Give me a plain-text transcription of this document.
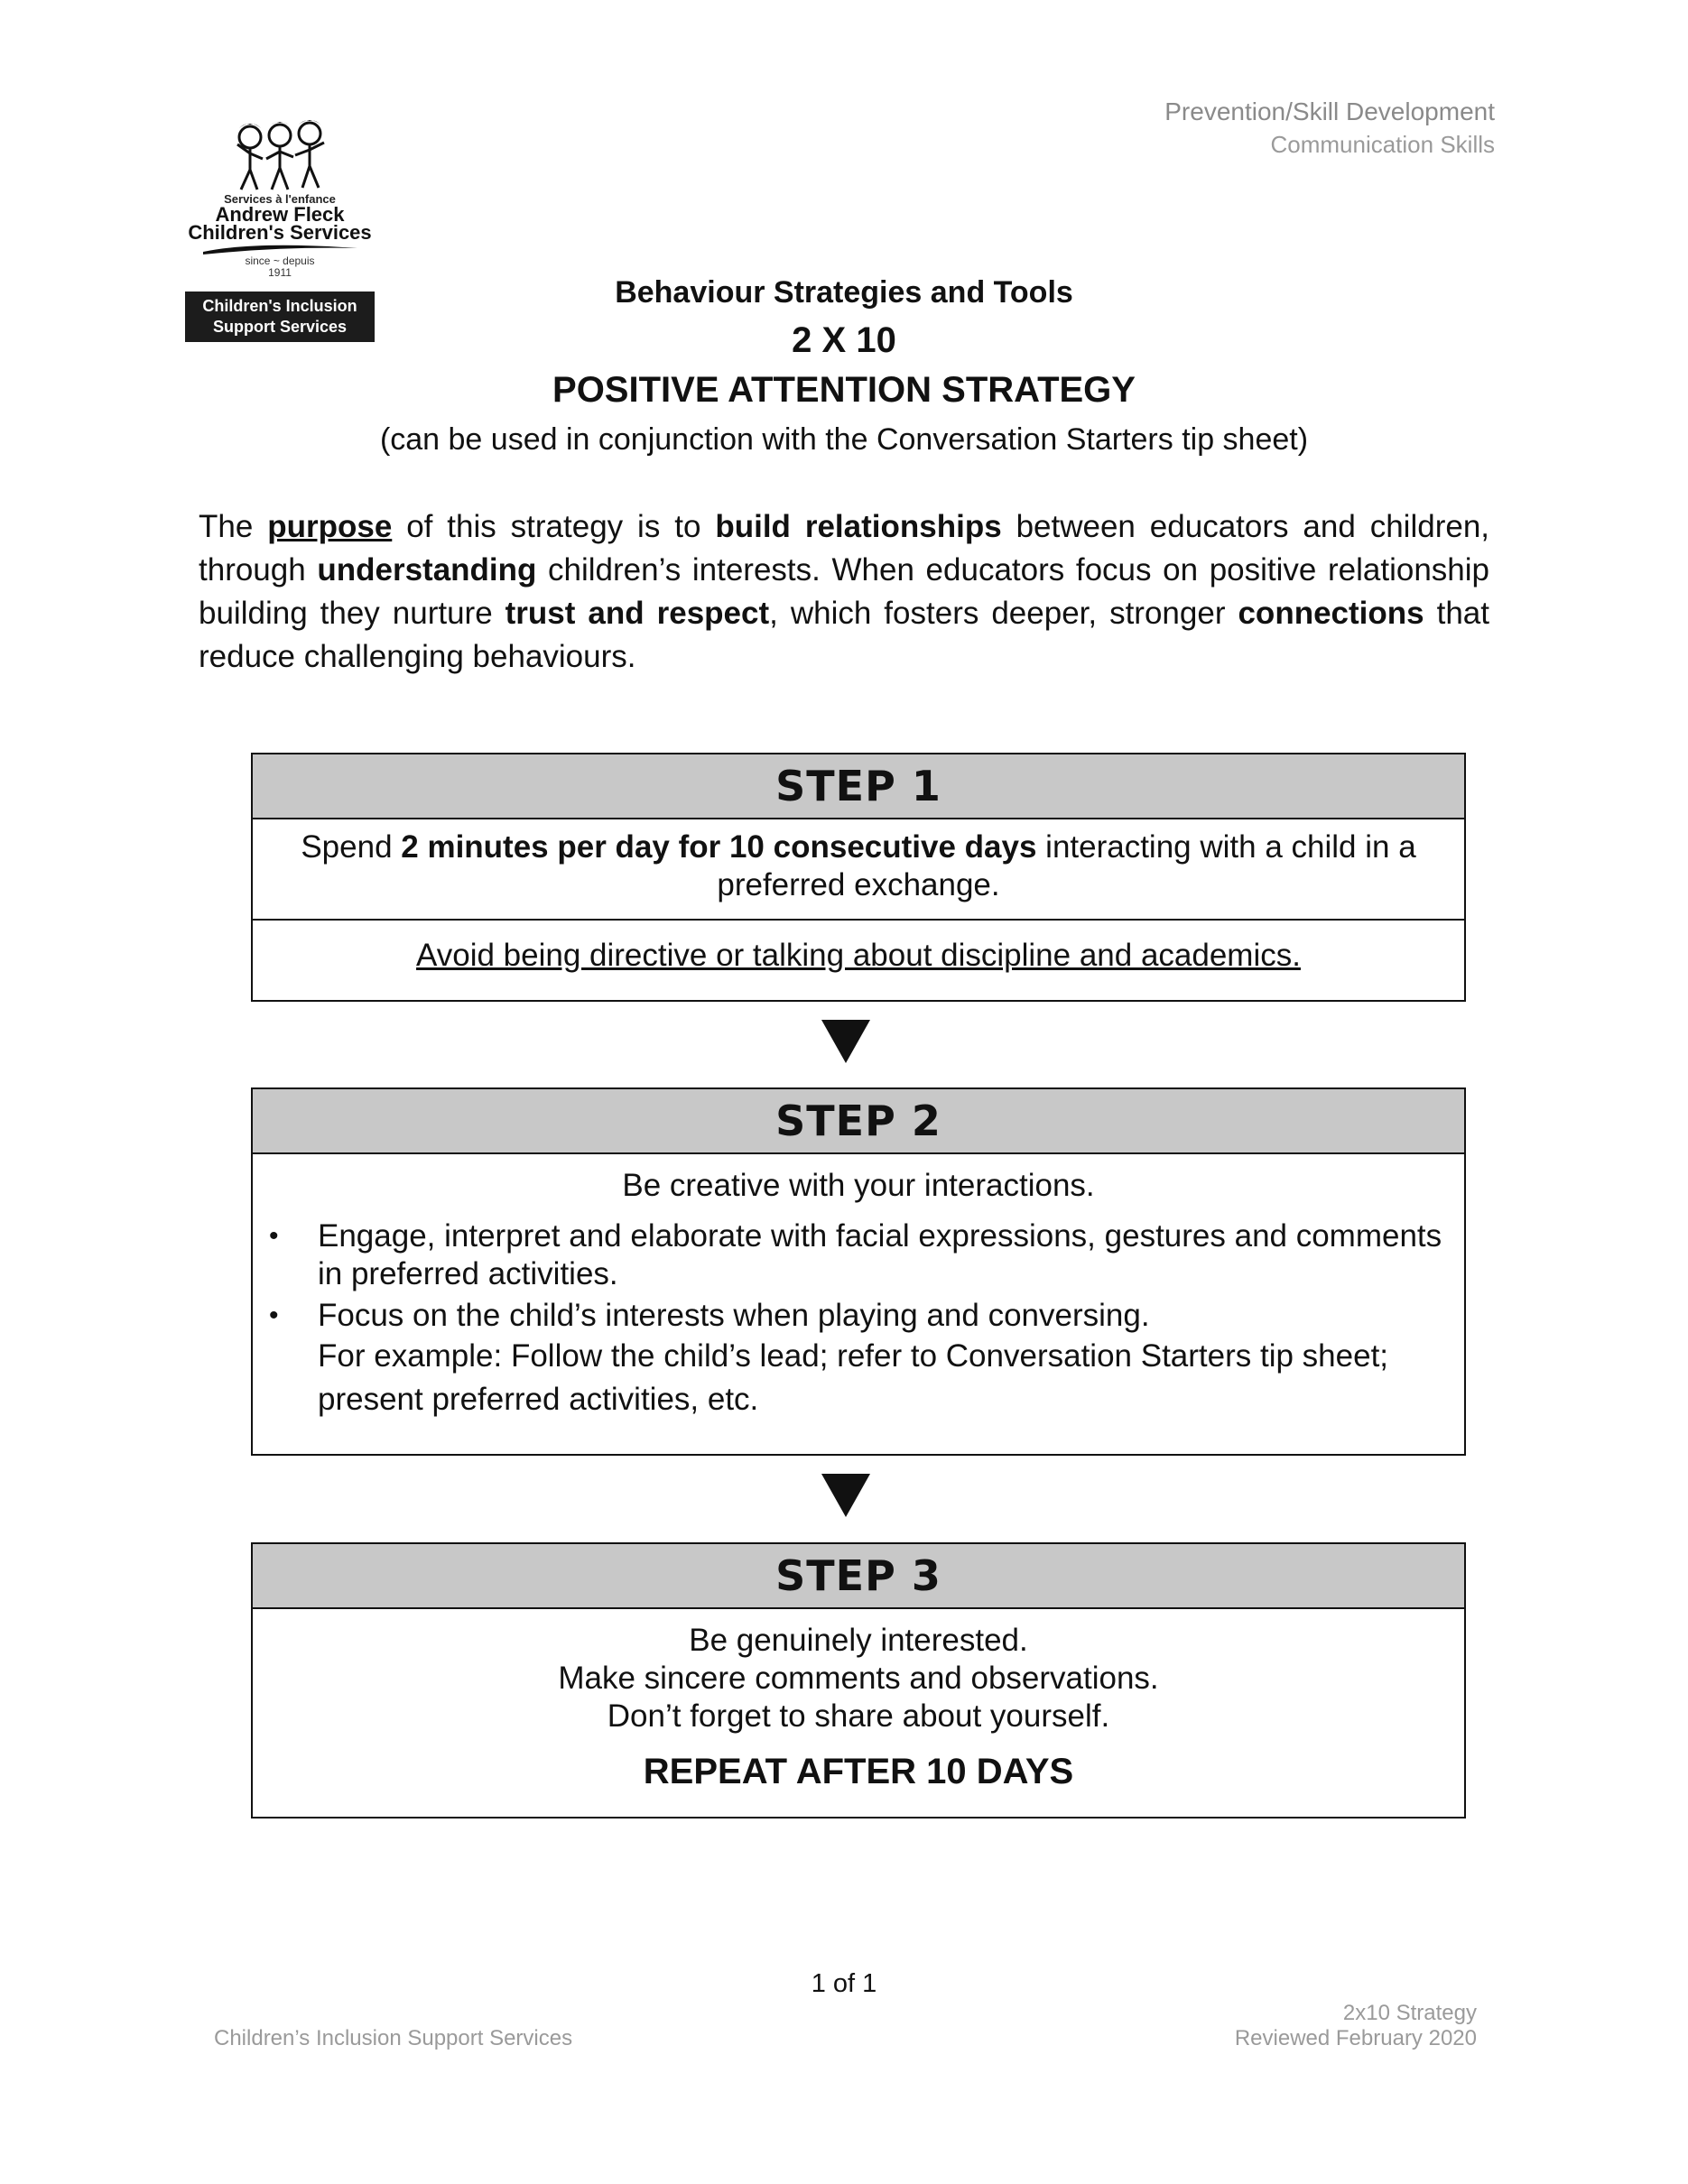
Prevention/Skill Development
Communication Skills
Services à l'enfance
Andrew Fleck
Children's Services
since ~ depuis
1911
Children's Inclusion
Support Services
Behaviour Strategies and Tools
2 X 10
POSITIVE ATTENTION STRATEGY
(can be used in conjunction with the Conversation Starters tip sheet)
The purpose of this strategy is to build relationships between educators and children, through understanding children’s interests. When educators focus on positive relationship building they nurture trust and respect, which fosters deeper, stronger connections that reduce challenging behaviours.
STEP 1
Spend 2 minutes per day for 10 consecutive days interacting with a child in a preferred exchange.
Avoid being directive or talking about discipline and academics.
STEP 2
Be creative with your interactions.
• Engage, interpret and elaborate with facial expressions, gestures and comments in preferred activities.
• Focus on the child’s interests when playing and conversing.
For example: Follow the child’s lead; refer to Conversation Starters tip sheet; present preferred activities, etc.
STEP 3
Be genuinely interested.
Make sincere comments and observations.
Don’t forget to share about yourself.
REPEAT AFTER 10 DAYS
1 of 1
Children’s Inclusion Support Services
2x10 Strategy
Reviewed February 2020
